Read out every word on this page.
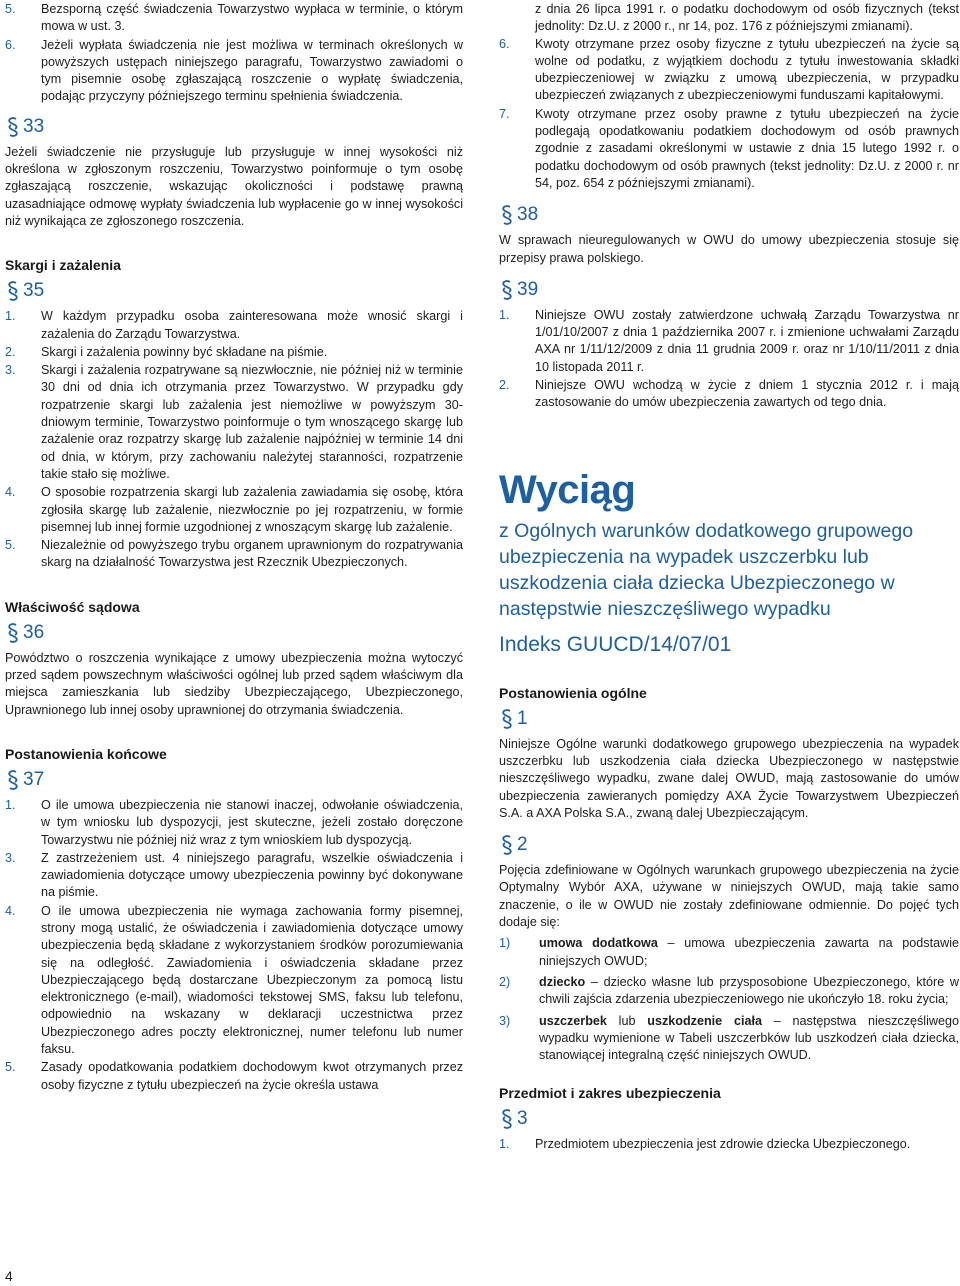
5.	Bezsporną część świadczenia Towarzystwo wypłaca w terminie, o którym mowa w ust. 3.
6.	Jeżeli wypłata świadczenia nie jest możliwa w terminach określonych w powyższych ustępach niniejszego paragrafu, Towarzystwo zawiadomi o tym pisemnie osobę zgłaszającą roszczenie o wypłatę świadczenia, podając przyczyny późniejszego terminu spełnienia świadczenia.
33

Jeżeli świadczenie nie przysługuje lub przysługuje w innej wysokości niż określona w zgłoszonym roszczeniu, Towarzystwo poinformuje o tym osobę zgłaszającą roszczenie, wskazując okoliczności i podstawę prawną uzasadniające odmowę wypłaty świadczenia lub wypłacenie go w innej wysokości niż wynikająca ze zgłoszonego roszczenia.

Skargi i zażalenia
35
1.	W każdym przypadku osoba zainteresowana może wnosić skargi i zażalenia do Zarządu Towarzystwa.
2.	Skargi i zażalenia powinny być składane na piśmie.
3.	Skargi i zażalenia rozpatrywane są niezwłocznie, nie później niż w terminie 30 dni od dnia ich otrzymania przez Towarzystwo. W przypadku gdy rozpatrzenie skargi lub zażalenia jest niemożliwe w powyższym 30-dniowym terminie, Towarzystwo poinformuje o tym wnoszącego skargę lub zażalenie oraz rozpatrzy skargę lub zażalenie najpóźniej w terminie 14 dni od dnia, w którym, przy zachowaniu należytej staranności, rozpatrzenie takie stało się możliwe.
4.	O sposobie rozpatrzenia skargi lub zażalenia zawiadamia się osobę, która zgłosiła skargę lub zażalenie, niezwłocznie po jej rozpatrzeniu, w formie pisemnej lub innej formie uzgodnionej z wnoszącym skargę lub zażalenie.
5.	Niezależnie od powyższego trybu organem uprawnionym do rozpatrywania skarg na działalność Towarzystwa jest Rzecznik Ubezpieczonych.
Właściwość sądowa
36

Powództwo o roszczenia wynikające z umowy ubezpieczenia można wytoczyć przed sądem powszechnym właściwości ogólnej lub przed sądem właściwym dla miejsca zamieszkania lub siedziby Ubezpieczającego, Ubezpieczonego, Uprawnionego lub innej osoby uprawnionej do otrzymania świadczenia.

Postanowienia końcowe
37
1.	O ile umowa ubezpieczenia nie stanowi inaczej, odwołanie oświadczenia, w tym wniosku lub dyspozycji, jest skuteczne, jeżeli zostało doręczone Towarzystwu nie później niż wraz z tym wnioskiem lub dyspozycją.
3.	Z zastrzeżeniem ust. 4 niniejszego paragrafu, wszelkie oświadczenia i zawiadomienia dotyczące umowy ubezpieczenia powinny być dokonywane na piśmie.
4.	O ile umowa ubezpieczenia nie wymaga zachowania formy pisemnej, strony mogą ustalić, że oświadczenia i zawiadomienia dotyczące umowy ubezpieczenia będą składane z wykorzystaniem środków porozumiewania się na odległość. Zawiadomienia i oświadczenia składane przez Ubezpieczającego będą dostarczane Ubezpieczonym za pomocą listu elektronicznego (e-mail), wiadomości tekstowej SMS, faksu lub telefonu, odpowiednio na wskazany w deklaracji uczestnictwa przez Ubezpieczonego adres poczty elektronicznej, numer telefonu lub numer faksu.
5.	Zasady opodatkowania podatkiem dochodowym kwot otrzymanych przez osoby fizyczne z tytułu ubezpieczeń na życie określa ustawa

z dnia 26 lipca 1991 r. o podatku dochodowym od osób fizycznych (tekst jednolity: Dz.U. z 2000 r., nr 14, poz. 176 z późniejszymi zmianami).

6.	Kwoty otrzymane przez osoby fizyczne z tytułu ubezpieczeń na życie są wolne od podatku, z wyjątkiem dochodu z tytułu inwestowania składki ubezpieczeniowej w związku z umową ubezpieczenia, w przypadku ubezpieczeń związanych z ubezpieczeniowymi funduszami kapitałowymi.
7.	Kwoty otrzymane przez osoby prawne z tytułu ubezpieczeń na życie podlegają opodatkowaniu podatkiem dochodowym od osób prawnych zgodnie z zasadami określonymi w ustawie z dnia 15 lutego 1992 r. o podatku dochodowym od osób prawnych (tekst jednolity: Dz.U. z 2000 r. nr 54, poz. 654 z późniejszymi zmianami).
38

W sprawach nieuregulowanych w OWU do umowy ubezpieczenia stosuje się przepisy prawa polskiego.

39
1.	Niniejsze OWU zostały zatwierdzone uchwałą Zarządu Towarzystwa nr 1/01/10/2007 z dnia 1 października 2007 r. i zmienione uchwałami Zarządu AXA nr 1/11/12/2009 z dnia 11 grudnia 2009 r. oraz nr 1/10/11/2011 z dnia 10 listopada 2011 r.
2.	Niniejsze OWU wchodzą w życie z dniem 1 stycznia 2012 r. i mają zastosowanie do umów ubezpieczenia zawartych od tego dnia.
Wyciąg
z Ogólnych warunków dodatkowego grupowego ubezpieczenia na wypadek uszczerbku lub uszkodzenia ciała dziecka Ubezpieczonego w następstwie nieszczęśliwego wypadku
Indeks GUUCD/14/07/01
Postanowienia ogólne
1

Niniejsze Ogólne warunki dodatkowego grupowego ubezpieczenia na wypadek uszczerbku lub uszkodzenia ciała dziecka Ubezpieczonego w następstwie nieszczęśliwego wypadku, zwane dalej OWUD, mają zastosowanie do umów ubezpieczenia zawieranych pomiędzy AXA Życie Towarzystwem Ubezpieczeń S.A. a AXA Polska S.A., zwaną dalej Ubezpieczającym.

2

Pojęcia zdefiniowane w Ogólnych warunkach grupowego ubezpieczenia na życie Optymalny Wybór AXA, używane w niniejszych OWUD, mają takie samo znaczenie, o ile w OWUD nie zostały zdefiniowane odmiennie. Do pojęć tych dodaje się:

1)	umowa dodatkowa – umowa ubezpieczenia zawarta na podstawie niniejszych OWUD;
2)	dziecko – dziecko własne lub przysposobione Ubezpieczonego, które w chwili zajścia zdarzenia ubezpieczeniowego nie ukończyło 18. roku życia;
3)	uszczerbek lub uszkodzenie ciała – następstwa nieszczęśliwego wypadku wymienione w Tabeli uszczerbków lub uszkodzeń ciała dziecka, stanowiącej integralną część niniejszych OWUD.
Przedmiot i zakres ubezpieczenia
3
1.	Przedmiotem ubezpieczenia jest zdrowie dziecka Ubezpieczonego.
4
